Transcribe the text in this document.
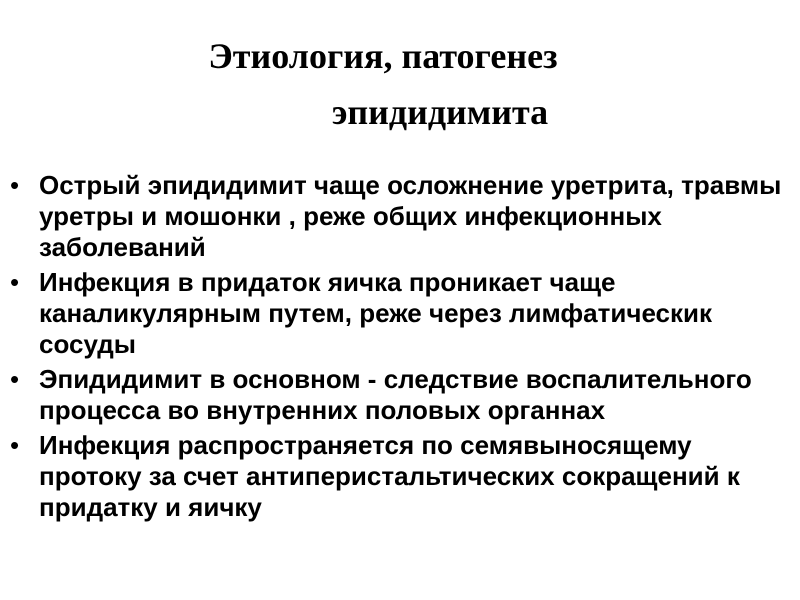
Этиология, патогенез
эпидидимита
• Острый эпидидимит чаще осложнение уретрита, травмы уретры и мошонки , реже общих инфекционных заболеваний
• Инфекция в придаток яичка проникает чаще каналикулярным путем, реже через лимфатическик сосуды
• Эпидидимит в основном - следствие воспалительного процесса во внутренних половых органнах
• Инфекция распространяется по семявыносящему протоку за счет антиперистальтических сокращений к придатку и яичку
